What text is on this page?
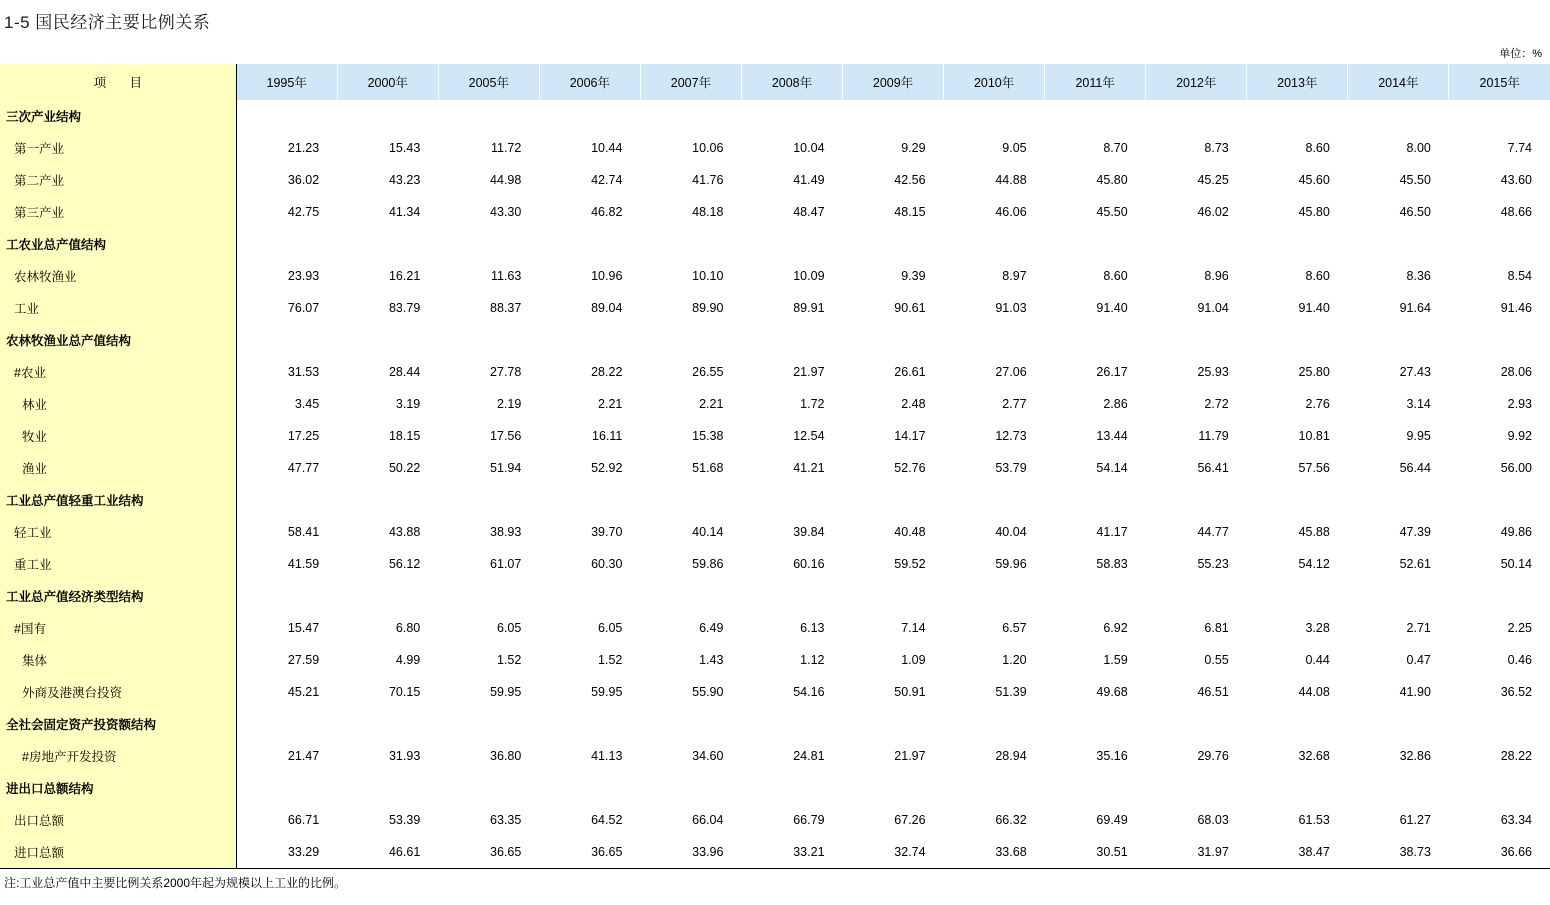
1-5 国民经济主要比例关系
单位：%
项 目	1995年	2000年	2005年	2006年	2007年	2008年	2009年	2010年	2011年	2012年	2013年	2014年	2015年
三次产业结构													
第一产业	21.23	15.43	11.72	10.44	10.06	10.04	9.29	9.05	8.70	8.73	8.60	8.00	7.74
第二产业	36.02	43.23	44.98	42.74	41.76	41.49	42.56	44.88	45.80	45.25	45.60	45.50	43.60
第三产业	42.75	41.34	43.30	46.82	48.18	48.47	48.15	46.06	45.50	46.02	45.80	46.50	48.66
工农业总产值结构													
农林牧渔业	23.93	16.21	11.63	10.96	10.10	10.09	9.39	8.97	8.60	8.96	8.60	8.36	8.54
工业	76.07	83.79	88.37	89.04	89.90	89.91	90.61	91.03	91.40	91.04	91.40	91.64	91.46
农林牧渔业总产值结构													
#农业	31.53	28.44	27.78	28.22	26.55	21.97	26.61	27.06	26.17	25.93	25.80	27.43	28.06
林业	3.45	3.19	2.19	2.21	2.21	1.72	2.48	2.77	2.86	2.72	2.76	3.14	2.93
牧业	17.25	18.15	17.56	16.11	15.38	12.54	14.17	12.73	13.44	11.79	10.81	9.95	9.92
渔业	47.77	50.22	51.94	52.92	51.68	41.21	52.76	53.79	54.14	56.41	57.56	56.44	56.00
工业总产值轻重工业结构													
轻工业	58.41	43.88	38.93	39.70	40.14	39.84	40.48	40.04	41.17	44.77	45.88	47.39	49.86
重工业	41.59	56.12	61.07	60.30	59.86	60.16	59.52	59.96	58.83	55.23	54.12	52.61	50.14
工业总产值经济类型结构													
#国有	15.47	6.80	6.05	6.05	6.49	6.13	7.14	6.57	6.92	6.81	3.28	2.71	2.25
集体	27.59	4.99	1.52	1.52	1.43	1.12	1.09	1.20	1.59	0.55	0.44	0.47	0.46
外商及港澳台投资	45.21	70.15	59.95	59.95	55.90	54.16	50.91	51.39	49.68	46.51	44.08	41.90	36.52
全社会固定资产投资额结构													
#房地产开发投资	21.47	31.93	36.80	41.13	34.60	24.81	21.97	28.94	35.16	29.76	32.68	32.86	28.22
进出口总额结构													
出口总额	66.71	53.39	63.35	64.52	66.04	66.79	67.26	66.32	69.49	68.03	61.53	61.27	63.34
进口总额	33.29	46.61	36.65	36.65	33.96	33.21	32.74	33.68	30.51	31.97	38.47	38.73	36.66
注:工业总产值中主要比例关系2000年起为规模以上工业的比例。
